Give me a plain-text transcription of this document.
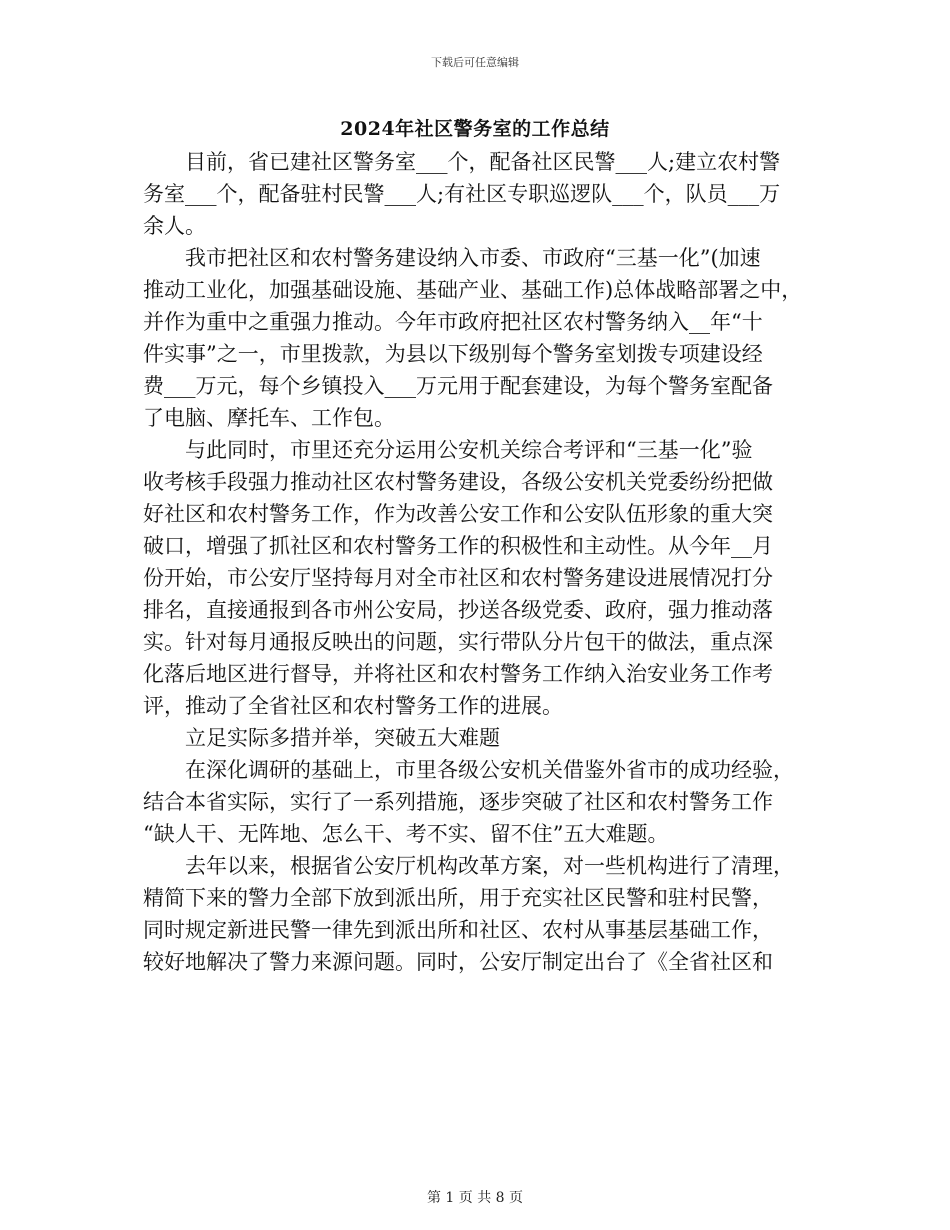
下载后可任意编辑
2024年社区警务室的工作总结

　　目前，省已建社区警务室___个，配备社区民警___人;建立农村警
务室___个，配备驻村民警___人;有社区专职巡逻队___个，队员___万
余人。

　　我市把社区和农村警务建设纳入市委、市政府“三基一化”(加速
推动工业化，加强基础设施、基础产业、基础工作)总体战略部署之中，
并作为重中之重强力推动。今年市政府把社区农村警务纳入__年“十
件实事”之一，市里拨款，为县以下级别每个警务室划拨专项建设经
费___万元，每个乡镇投入___万元用于配套建设，为每个警务室配备
了电脑、摩托车、工作包。

　　与此同时，市里还充分运用公安机关综合考评和“三基一化”验
收考核手段强力推动社区农村警务建设，各级公安机关党委纷纷把做
好社区和农村警务工作，作为改善公安工作和公安队伍形象的重大突
破口，增强了抓社区和农村警务工作的积极性和主动性。从今年__月
份开始，市公安厅坚持每月对全市社区和农村警务建设进展情况打分
排名，直接通报到各市州公安局，抄送各级党委、政府，强力推动落
实。针对每月通报反映出的问题，实行带队分片包干的做法，重点深
化落后地区进行督导，并将社区和农村警务工作纳入治安业务工作考
评，推动了全省社区和农村警务工作的进展。

　　立足实际多措并举，突破五大难题

　　在深化调研的基础上，市里各级公安机关借鉴外省市的成功经验，
结合本省实际，实行了一系列措施，逐步突破了社区和农村警务工作
“缺人干、无阵地、怎么干、考不实、留不住”五大难题。

　　去年以来，根据省公安厅机构改革方案，对一些机构进行了清理，
精简下来的警力全部下放到派出所，用于充实社区民警和驻村民警，
同时规定新进民警一律先到派出所和社区、农村从事基层基础工作，
较好地解决了警力来源问题。同时，公安厅制定出台了《全省社区和

第 1 页 共 8 页
